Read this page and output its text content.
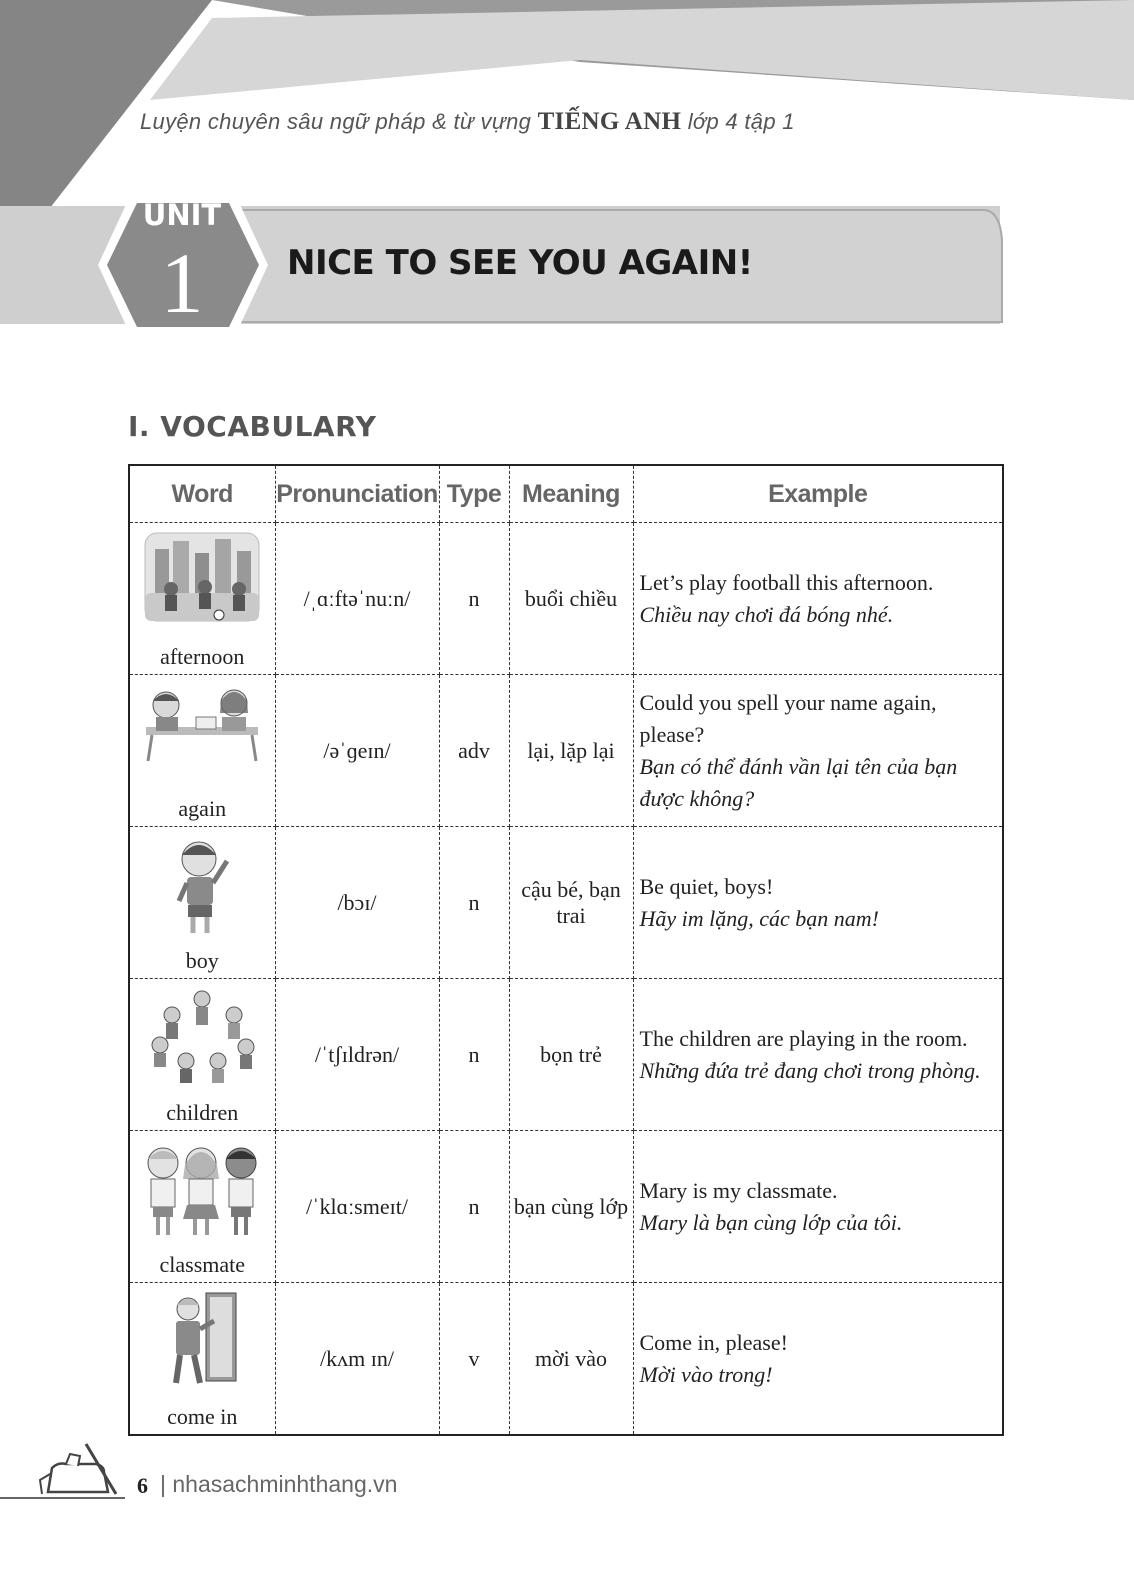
Luyện chuyên sâu ngữ pháp & từ vựng TIẾNG ANH lớp 4 tập 1
UNIT
1	NICE TO SEE YOU AGAIN!
I. VOCABULARY
Word	Pronunciation	Type	Meaning	Example

afternoon	/ˌɑːftəˈnuːn/	n	buổi chiều	Let’s play football this afternoon.
Chiều nay chơi đá bóng nhé.

again	/əˈɡeɪn/	adv	lại, lặp lại	Could you spell your name again, please?
Bạn có thể đánh vần lại tên của bạn được không?

boy	/bɔɪ/	n	cậu bé, bạn trai	Be quiet, boys!
Hãy im lặng, các bạn nam!

children	/ˈtʃɪldrən/	n	bọn trẻ	The children are playing in the room.
Những đứa trẻ đang chơi trong phòng.

classmate	/ˈklɑːsmeɪt/	n	bạn cùng lớp	Mary is my classmate.
Mary là bạn cùng lớp của tôi.

come in	/kʌm ɪn/	v	mời vào	Come in, please!
Mời vào trong!
6 | nhasachminhthang.vn
